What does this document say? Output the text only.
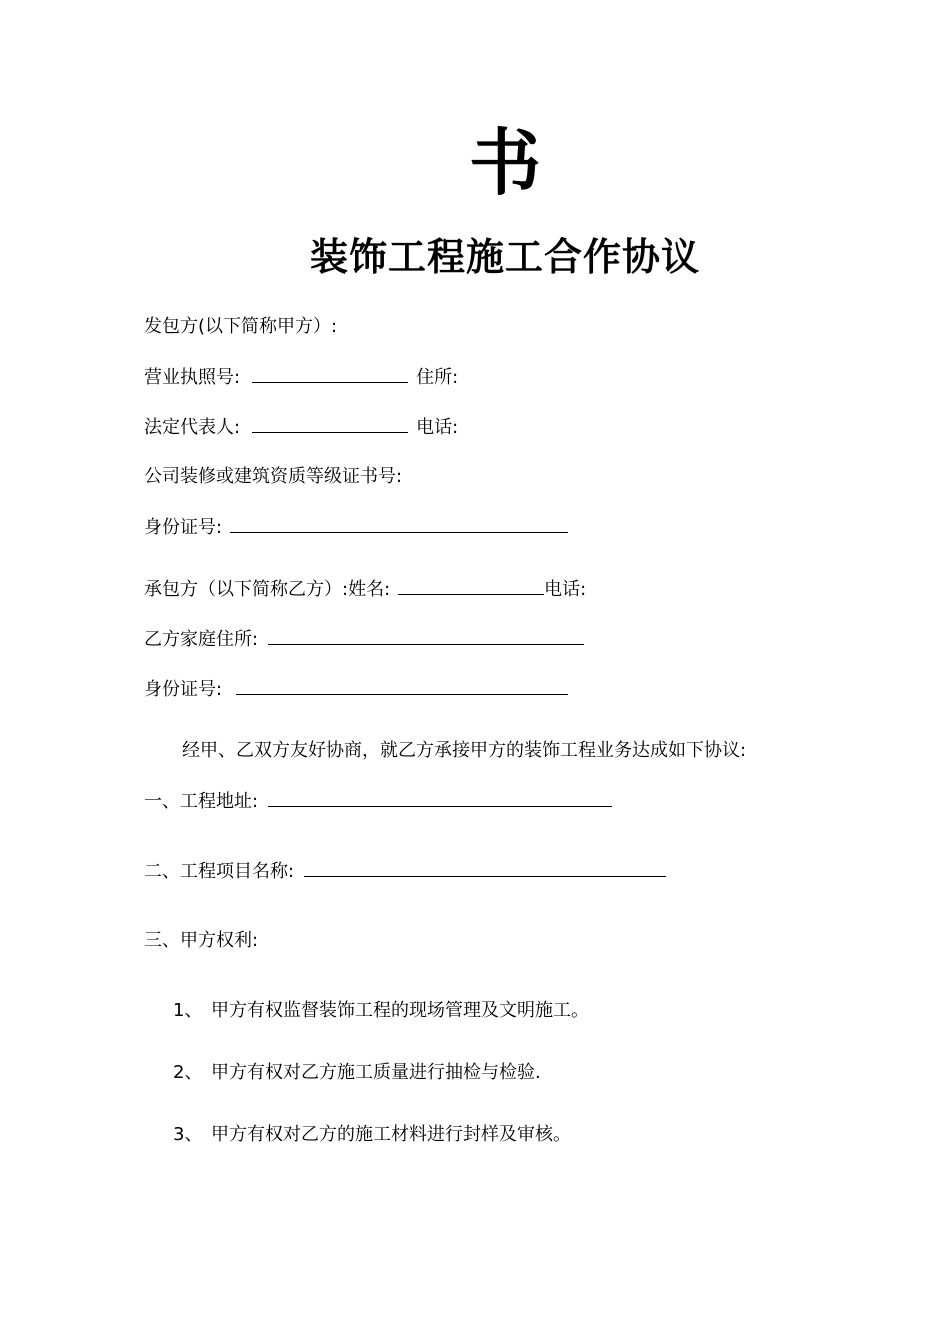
书
装饰工程施工合作协议
发包方(以下简称甲方）:
营业执照号:	住所:
法定代表人:	电话:
公司装修或建筑资质等级证书号:
身份证号:
承包方（以下简称乙方）:姓名:	电话:
乙方家庭住所:
身份证号:
经甲、乙双方友好协商，就乙方承接甲方的装饰工程业务达成如下协议:
一、工程地址:
二、工程项目名称:
三、甲方权利:
1、 甲方有权监督装饰工程的现场管理及文明施工。
2、 甲方有权对乙方施工质量进行抽检与检验.
3、 甲方有权对乙方的施工材料进行封样及审核。
